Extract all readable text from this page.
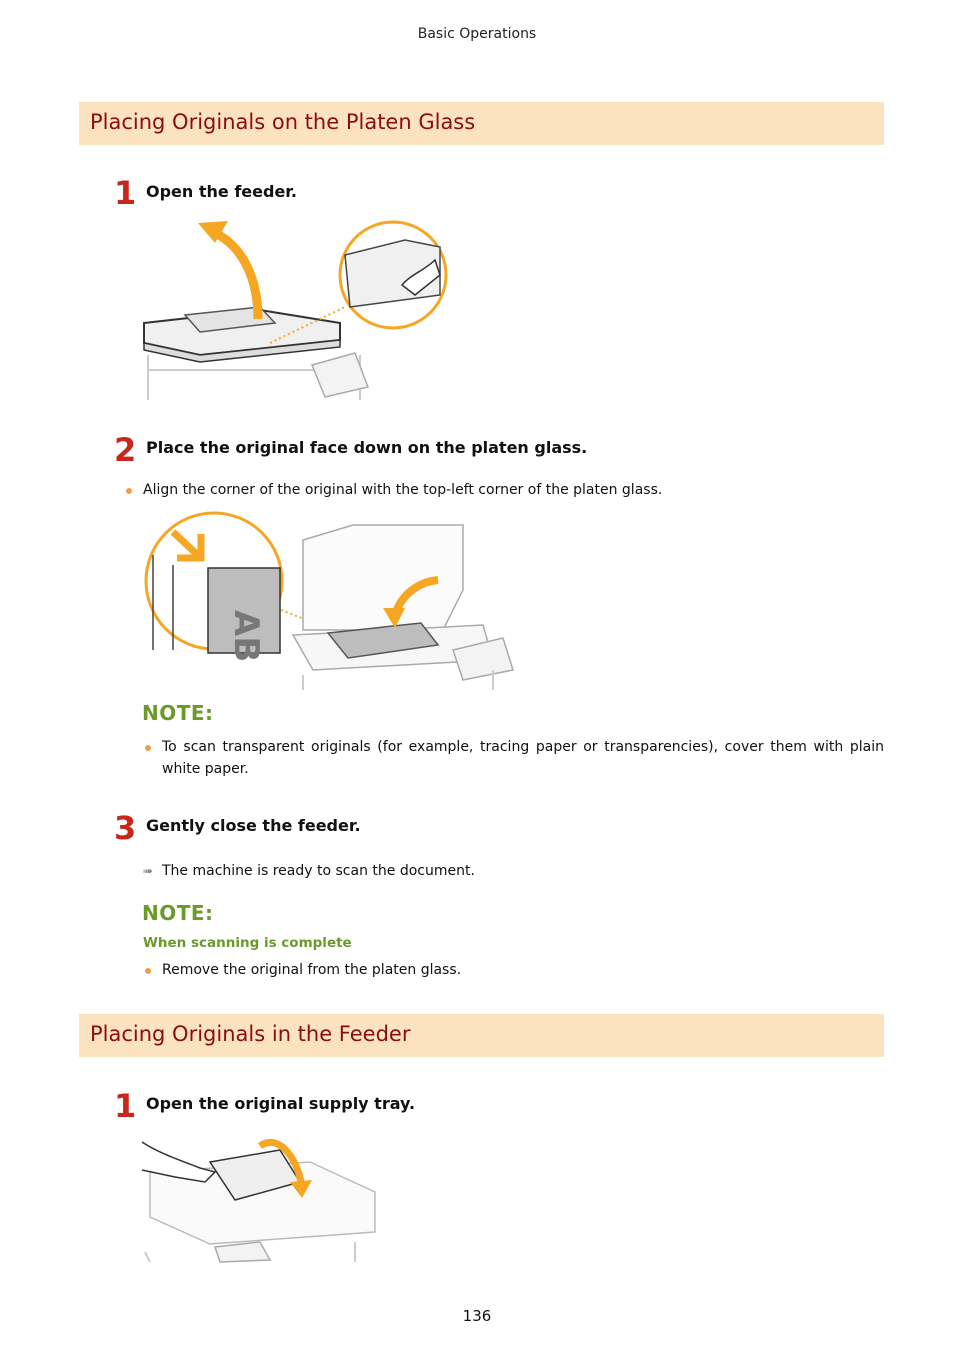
Basic Operations
Placing Originals on the Platen Glass
1 Open the feeder.
2 Place the original face down on the platen glass.
Align the corner of the original with the top-left corner of the platen glass.
AB
NOTE:
To scan transparent originals (for example, tracing paper or transparencies), cover them with plain white paper.
3 Gently close the feeder.
➠ The machine is ready to scan the document.
NOTE:
When scanning is complete
Remove the original from the platen glass.
Placing Originals in the Feeder
1 Open the original supply tray.
136
